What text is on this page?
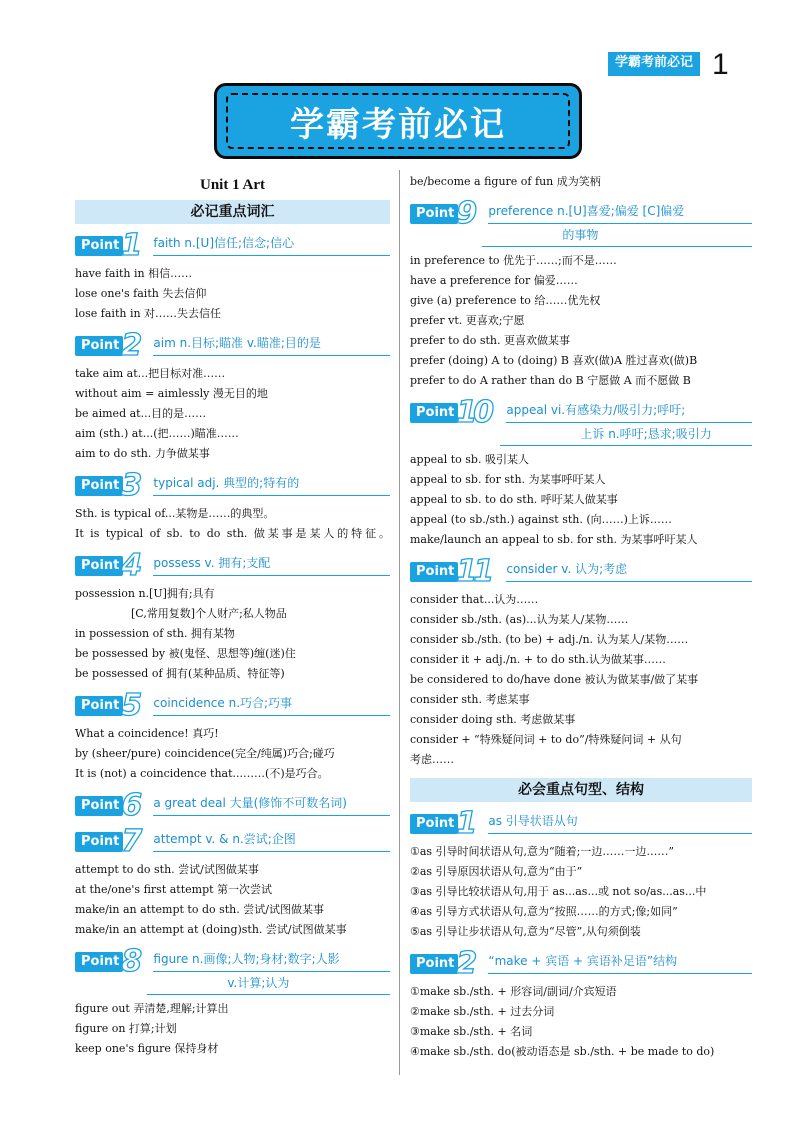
学霸考前必记 1
学霸考前必记
Unit 1 Art
必记重点词汇
Point 1 faith n.[U]信任;信念;信心
have faith in 相信……
lose one's faith 失去信仰
lose faith in 对……失去信任
Point 2 aim n.目标;瞄准 v.瞄准;目的是
take aim at...把目标对准……
without aim = aimlessly 漫无目的地
be aimed at...目的是……
aim (sth.) at...(把……)瞄准……
aim to do sth. 力争做某事
Point 3 typical adj. 典型的;特有的
Sth. is typical of...某物是……的典型。
It is typical of sb. to do sth. 做某事是某人的特征。
Point 4 possess v. 拥有;支配
possession n.[U]拥有;具有
[C,常用复数]个人财产;私人物品
in possession of sth. 拥有某物
be possessed by 被(鬼怪、思想等)缠(迷)住
be possessed of 拥有(某种品质、特征等)
Point 5 coincidence n.巧合;巧事
What a coincidence! 真巧!
by (sheer/pure) coincidence(完全/纯属)巧合;碰巧
It is (not) a coincidence that...……(不)是巧合。
Point 6 a great deal 大量(修饰不可数名词)
Point 7 attempt v. & n.尝试;企图
attempt to do sth. 尝试/试图做某事
at the/one's first attempt 第一次尝试
make/in an attempt to do sth. 尝试/试图做某事
make/in an attempt at (doing)sth. 尝试/试图做某事
Point 8 figure n.画像;人物;身材;数字;人影
v.计算;认为
figure out 弄清楚,理解;计算出
figure on 打算;计划
keep one's figure 保持身材
be/become a figure of fun 成为笑柄
Point 9 preference n.[U]喜爱;偏爱 [C]偏爱
的事物
in preference to 优先于……;而不是……
have a preference for 偏爱……
give (a) preference to 给……优先权
prefer vt. 更喜欢;宁愿
prefer to do sth. 更喜欢做某事
prefer (doing) A to (doing) B 喜欢(做)A 胜过喜欢(做)B
prefer to do A rather than do B 宁愿做 A 而不愿做 B
Point 10	appeal vi.有感染力/吸引力;呼吁;
上诉 n.呼吁;恳求;吸引力
appeal to sb. 吸引某人
appeal to sb. for sth. 为某事呼吁某人
appeal to sb. to do sth. 呼吁某人做某事
appeal (to sb./sth.) against sth. (向……)上诉……
make/launch an appeal to sb. for sth. 为某事呼吁某人
Point 11	consider v. 认为;考虑
consider that...认为……
consider sb./sth. (as)...认为某人/某物……
consider sb./sth. (to be) + adj./n. 认为某人/某物……
consider it + adj./n. + to do sth.认为做某事……
be considered to do/have done 被认为做某事/做了某事
consider sth. 考虑某事
consider doing sth. 考虑做某事
consider + “特殊疑问词 + to do”/特殊疑问词 + 从句
考虑……
必会重点句型、结构
Point 1 as 引导状语从句
①as 引导时间状语从句,意为“随着;一边……一边……”
②as 引导原因状语从句,意为“由于”
③as 引导比较状语从句,用于 as...as...或 not so/as...as...中
④as 引导方式状语从句,意为“按照……的方式;像;如同”
⑤as 引导让步状语从句,意为“尽管”,从句须倒装
Point 2 “make + 宾语 + 宾语补足语”结构
①make sb./sth. + 形容词/副词/介宾短语
②make sb./sth. + 过去分词
③make sb./sth. + 名词
④make sb./sth. do(被动语态是 sb./sth. + be made to do)
